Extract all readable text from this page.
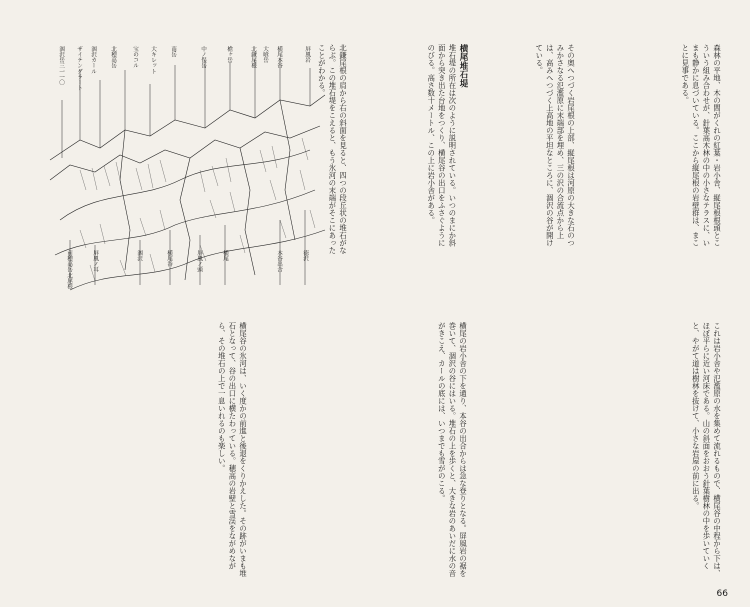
森林の平地、木の間がくれの紅葉・岩小舎、縦尾根根頭とこういう組み合わせが、針葉高木林の中の小さなテラスに、いまも静かに息づいている。ここから縦尾根の岩壁群は、まことに見事である。
その奥へつづく岩尾根の上部、縦尾根は河原の大きな石のつみかさなる氾濫原に末端部を埋め、三の沢の合流点から上は、高みへつづく上高地の平坦なところに、涸沢の谷が開けている。
横尾堆石堤
堆石堤の所在は次のように説明されている。いつのまにか斜面から突き出た台地をつくり、横尾谷の出口をふさぐようにのびる。高さ数十メートル、この上に岩小舎がある。
北鎌尾根の肩から右の斜面を見ると、四つの段丘状の堆石がならぶ。この堆石堤をこえると、もう氷河の末端がそこにあったことがわかる。
涸沢岳三一一〇 ザイテングラート 涸沢カール	北穂高岳	宝のコル 大キレット	南岳	中ノ俣岳	槍ヶ岳	北鎌尾根 大喰岳 横尾本谷	屏風岩
前穂高岳北尾根	屏風ノ耳	涸沢	横尾谷	屏風ノ頭	横尾	本谷出合	徳沢
これは岩小舎や氾濫原の水を集めて流れるもので、横尾谷の中程から下は、ほぼ平らに近い河床である。山の斜面をおおう針葉樹林の中を歩いていくと、やがて道は樹林を抜けて、小さな岩屋の前に出る。
横尾の岩小舎の下を通り、本谷の出合からは急な登りとなる。屏風岩の裾を巻いて、涸沢の谷にはいる。堆石の上を歩くと、大きな岩のあいだに水の音がきこえ、カールの底には、いつまでも雪がのこる。
横尾谷の氷河は、いく度かの前進と後退をくりかえした。その跡がいまも堆石となって、谷の出口に横たわっている。穂高の岩壁と雪渓をながめながら、その堆石の上で一息いれるのも楽しい。
66
